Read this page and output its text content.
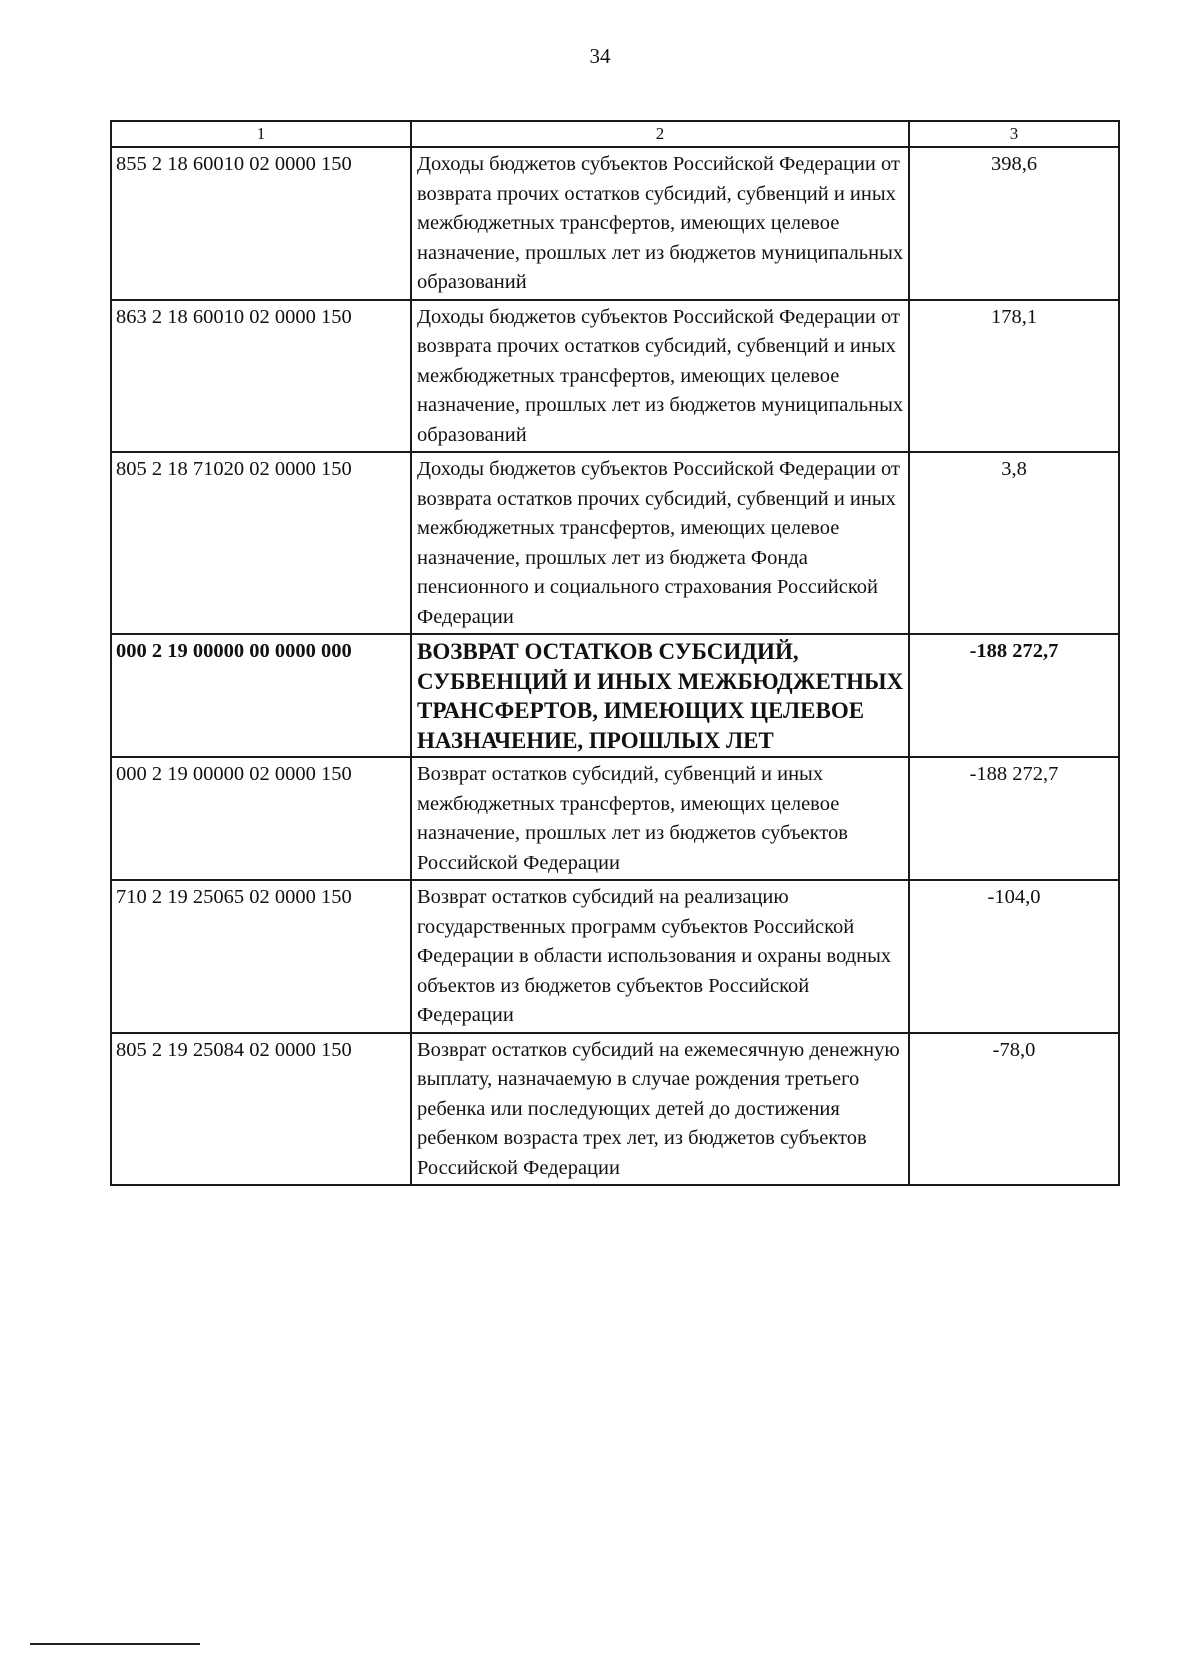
34
1	2	3
855 2 18 60010 02 0000 150	Доходы бюджетов субъектов Российской Федерации от возврата прочих остатков субсидий, субвенций и иных межбюджетных трансфертов, имеющих целевое назначение, прошлых лет из бюджетов муниципальных образований	398,6
863 2 18 60010 02 0000 150	Доходы бюджетов субъектов Российской Федерации от возврата прочих остатков субсидий, субвенций и иных межбюджетных трансфертов, имеющих целевое назначение, прошлых лет из бюджетов муниципальных образований	178,1
805 2 18 71020 02 0000 150	Доходы бюджетов субъектов Российской Федерации от возврата остатков прочих субсидий, субвенций и иных межбюджетных трансфертов, имеющих целевое назначение, прошлых лет из бюджета Фонда пенсионного и социального страхования Российской Федерации	3,8
000 2 19 00000 00 0000 000	ВОЗВРАТ ОСТАТКОВ СУБСИДИЙ, СУБВЕНЦИЙ И ИНЫХ МЕЖБЮДЖЕТНЫХ ТРАНСФЕРТОВ, ИМЕЮЩИХ ЦЕЛЕВОЕ НАЗНАЧЕНИЕ, ПРОШЛЫХ ЛЕТ	-188 272,7
000 2 19 00000 02 0000 150	Возврат остатков субсидий, субвенций и иных межбюджетных трансфертов, имеющих целевое назначение, прошлых лет из бюджетов субъектов Российской Федерации	-188 272,7
710 2 19 25065 02 0000 150	Возврат остатков субсидий на реализацию государственных программ субъектов Российской Федерации в области использования и охраны водных объектов из бюджетов субъектов Российской Федерации	-104,0
805 2 19 25084 02 0000 150	Возврат остатков субсидий на ежемесячную денежную выплату, назначаемую в случае рождения третьего ребенка или последующих детей до достижения ребенком возраста трех лет, из бюджетов субъектов Российской Федерации	-78,0
